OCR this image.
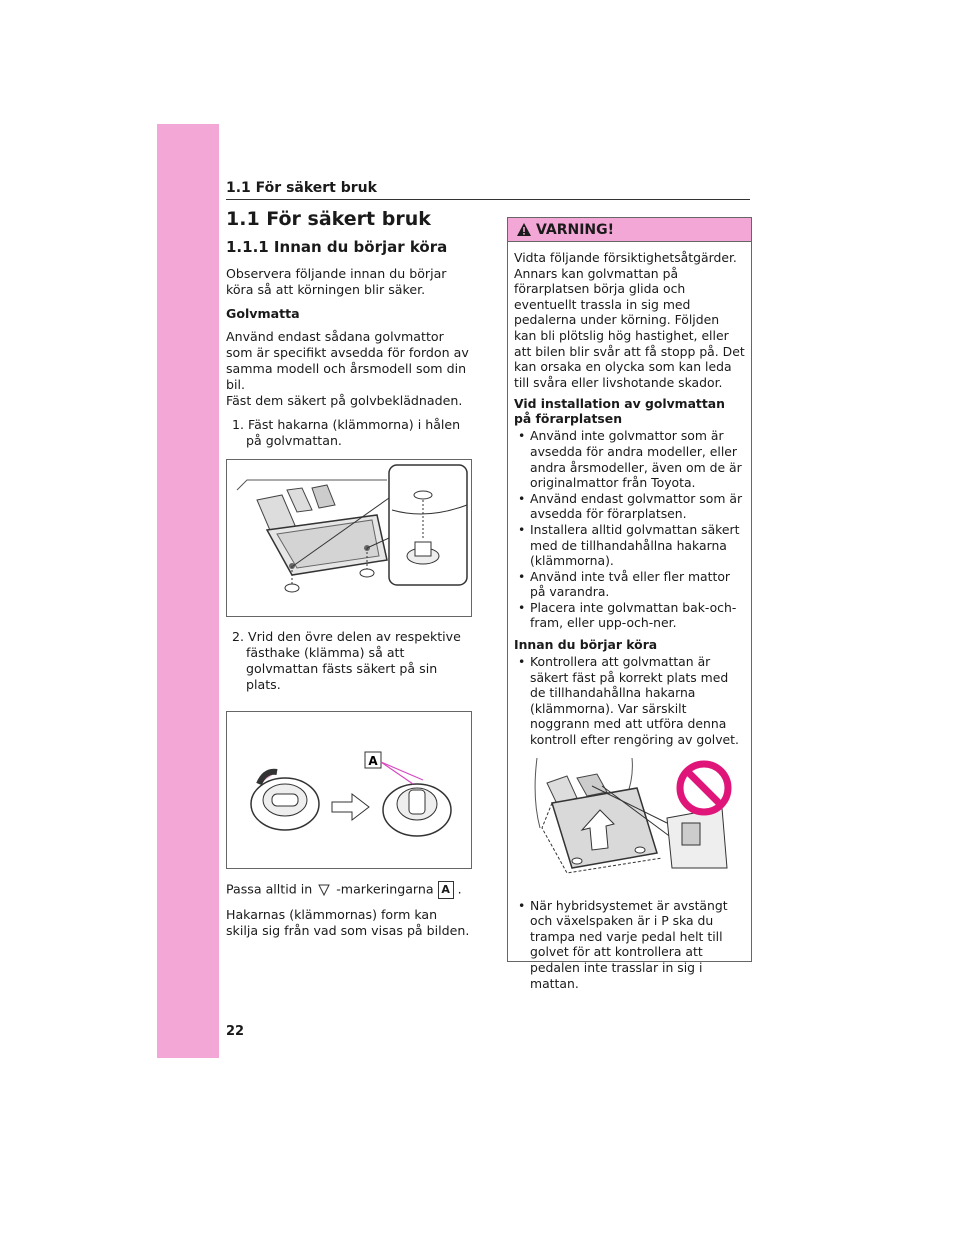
1.1 För säkert bruk
1.1 För säkert bruk
1.1.1 Innan du börjar köra
Observera följande innan du börjar köra så att körningen blir säker.
Golvmatta
Använd endast sådana golvmattor som är specifikt avsedda för fordon av samma modell och årsmodell som din bil.
Fäst dem säkert på golvbeklädnaden.
1. Fäst hakarna (klämmorna) i hålen på golvmattan.
2. Vrid den övre delen av respektive fästhake (klämma) så att golvmattan fästs säkert på sin plats.
A
Passa alltid in -markeringarna A .
Hakarnas (klämmornas) form kan skilja sig från vad som visas på bilden.
VARNING!
Vidta följande försiktighetsåtgärder. Annars kan golvmattan på förarplatsen börja glida och eventuellt trassla in sig med pedalerna under körning. Följden kan bli plötslig hög hastighet, eller att bilen blir svår att få stopp på. Det kan orsaka en olycka som kan leda till svåra eller livshotande skador.
Vid installation av golvmattan på förarplatsen
• Använd inte golvmattor som är avsedda för andra modeller, eller andra årsmodeller, även om de är originalmattor från Toyota.
• Använd endast golvmattor som är avsedda för förarplatsen.
• Installera alltid golvmattan säkert med de tillhandahållna hakarna (klämmorna).
• Använd inte två eller fler mattor på varandra.
• Placera inte golvmattan bak-och-fram, eller upp-och-ner.
Innan du börjar köra
• Kontrollera att golvmattan är säkert fäst på korrekt plats med de tillhandahållna hakarna (klämmorna). Var särskilt noggrann med att utföra denna kontroll efter rengöring av golvet.
• När hybridsystemet är avstängt och växelspaken är i P ska du trampa ned varje pedal helt till golvet för att kontrollera att pedalen inte trasslar in sig i mattan.
22
